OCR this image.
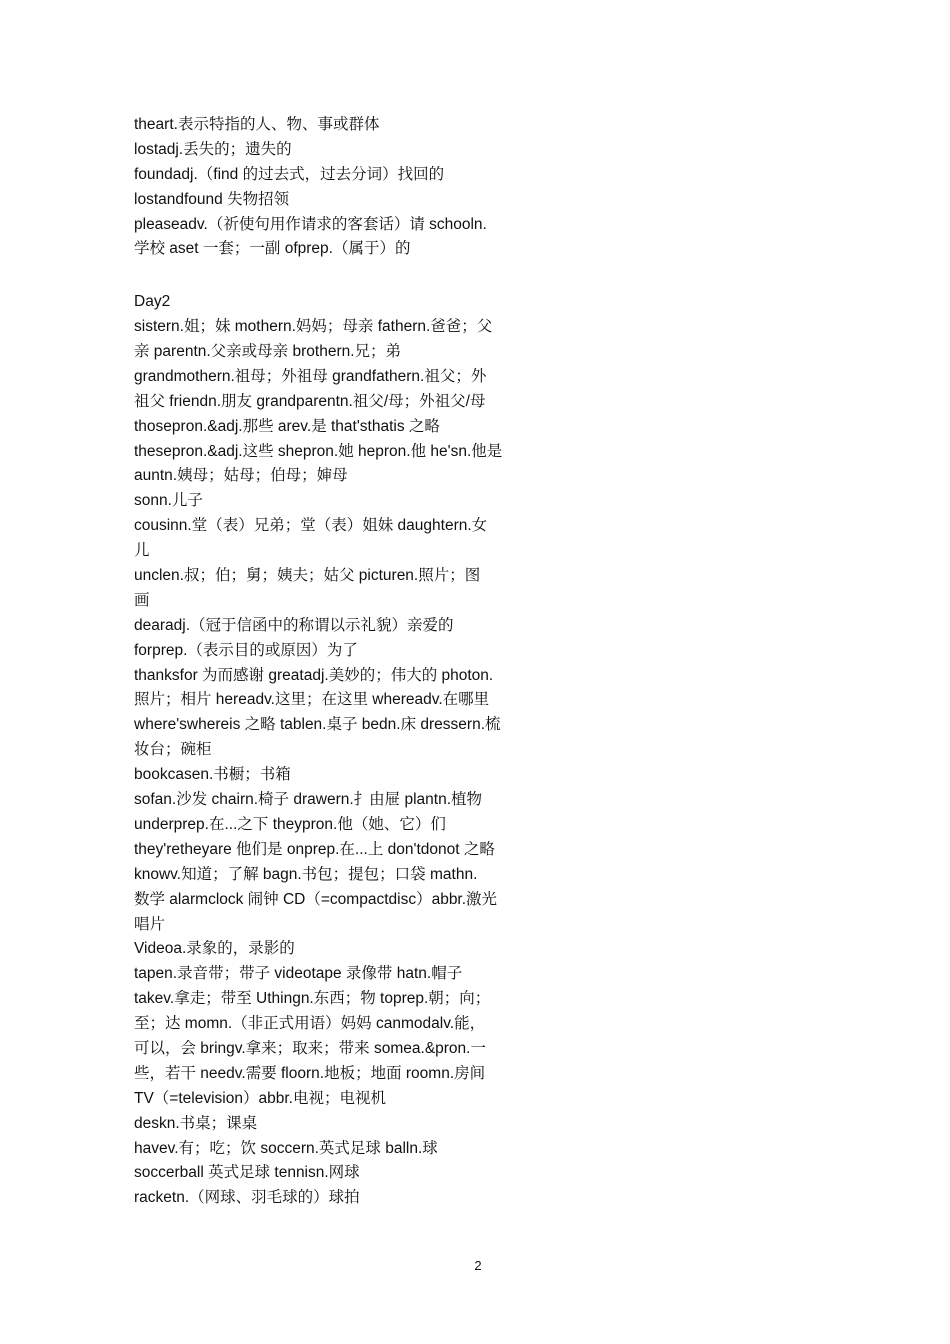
theart.表示特指的人、物、事或群体
lostadj.丢失的；遗失的
foundadj.（find 的过去式，过去分词）找回的
lostandfound 失物招领
pleaseadv.（祈使句用作请求的客套话）请 schooln.
学校 aset 一套；一副 ofprep.（属于）的
Day2
sistern.姐；妹 mothern.妈妈；母亲 fathern.爸爸；父
亲 parentn.父亲或母亲 brothern.兄；弟
grandmothern.祖母；外祖母 grandfathern.祖父；外
祖父 friendn.朋友 grandparentn.祖父/母；外祖父/母
thosepron.&adj.那些 arev.是 that'sthatis 之略
thesepron.&adj.这些 shepron.她 hepron.他 he'sn.他是
auntn.姨母；姑母；伯母；婶母
sonn.儿子
cousinn.堂（表）兄弟；堂（表）姐妹 daughtern.女
儿
unclen.叔；伯；舅；姨夫；姑父 picturen.照片；图
画
dearadj.（冠于信函中的称谓以示礼貌）亲爱的
forprep.（表示目的或原因）为了
thanksfor 为而感谢 greatadj.美妙的；伟大的 photon.
照片；相片 hereadv.这里；在这里 whereadv.在哪里
where'swhereis 之略 tablen.桌子 bedn.床 dressern.梳
妆台；碗柜
bookcasen.书橱；书箱
sofan.沙发 chairn.椅子 drawern.扌由屉 plantn.植物
underprep.在...之下 theypron.他（她、它）们
they'retheyare 他们是 onprep.在...上 don'tdonot 之略
knowv.知道；了解 bagn.书包；提包；口袋 mathn.
数学 alarmclock 闹钟 CD（=compactdisc）abbr.激光
唱片
Videoa.录象的，录影的
tapen.录音带；带子 videotape 录像带 hatn.帽子
takev.拿走；带至 Uthingn.东西；物 toprep.朝；向；
至；达 momn.（非正式用语）妈妈 canmodalv.能，
可以，会 bringv.拿来；取来；带来 somea.&pron.一
些，若干 needv.需要 floorn.地板；地面 roomn.房间
TV（=television）abbr.电视；电视机
deskn.书桌；课桌
havev.有；吃；饮 soccern.英式足球 balln.球
soccerball 英式足球 tennisn.网球
racketn.（网球、羽毛球的）球拍
2
